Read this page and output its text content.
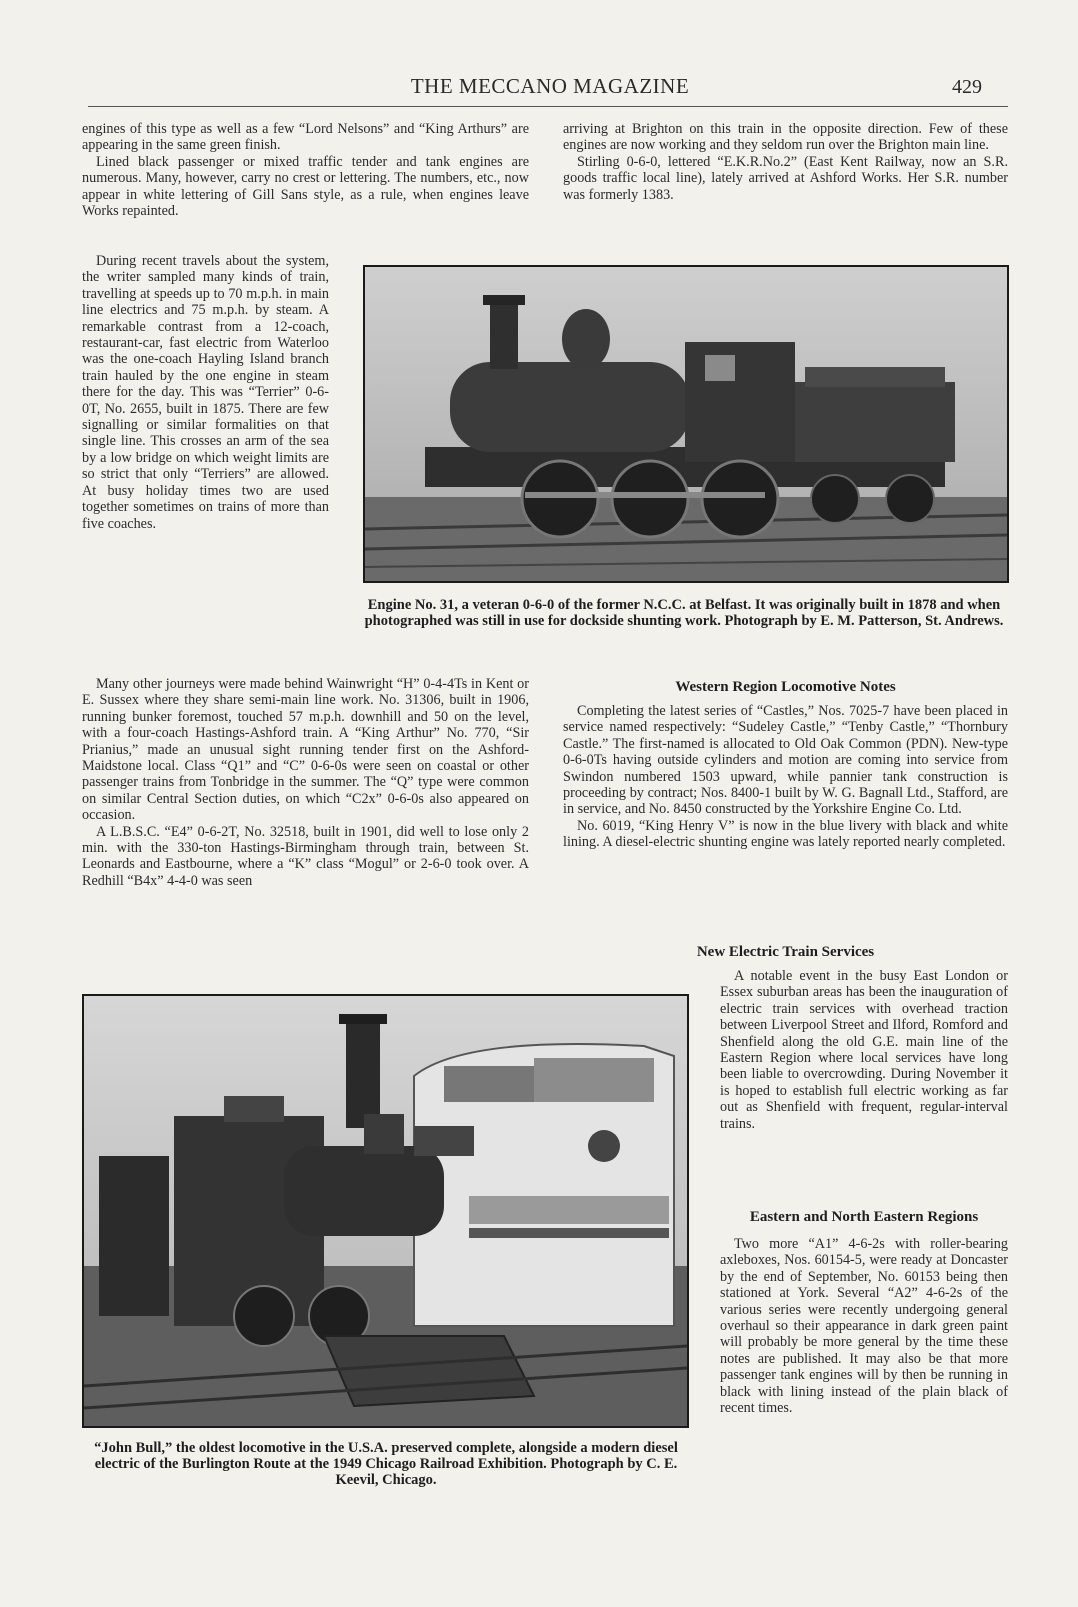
THE MECCANO MAGAZINE	429

engines of this type as well as a few “Lord Nelsons” and “King Arthurs” are appearing in the same green finish.

Lined black passenger or mixed traffic tender and tank engines are numerous. Many, however, carry no crest or lettering. The numbers, etc., now appear in white lettering of Gill Sans style, as a rule, when engines leave Works repainted.

During recent travels about the system, the writer sampled many kinds of train, travelling at speeds up to 70 m.p.h. in main line electrics and 75 m.p.h. by steam. A remarkable contrast from a 12-coach, restaurant-car, fast electric from Waterloo was the one-coach Hayling Island branch train hauled by the one engine in steam there for the day. This was “Terrier” 0-6-0T, No. 2655, built in 1875. There are few signalling or similar formalities on that single line. This crosses an arm of the sea by a low bridge on which weight limits are so strict that only “Terriers” are allowed. At busy holiday times two are used together sometimes on trains of more than five coaches.

Many other journeys were made behind Wainwright “H” 0-4-4Ts in Kent or E. Sussex where they share semi-main line work. No. 31306, built in 1906, running bunker foremost, touched 57 m.p.h. downhill and 50 on the level, with a four-coach Hastings-Ashford train. A “King Arthur” No. 770, “Sir Prianius,” made an unusual sight running tender first on the Ashford-Maidstone local. Class “Q1” and “C” 0-6-0s were seen on coastal or other passenger trains from Tonbridge in the summer. The “Q” type were common on similar Central Section duties, on which “C2x” 0-6-0s also appeared on occasion.

A L.B.S.C. “E4” 0-6-2T, No. 32518, built in 1901, did well to lose only 2 min. with the 330-ton Hastings-Birmingham through train, between St. Leonards and Eastbourne, where a “K” class “Mogul” or 2-6-0 took over. A Redhill “B4x” 4-4-0 was seen

arriving at Brighton on this train in the opposite direction. Few of these engines are now working and they seldom run over the Brighton main line.

Stirling 0-6-0, lettered “E.K.R.No.2” (East Kent Railway, now an S.R. goods traffic local line), lately arrived at Ashford Works. Her S.R. number was formerly 1383.

Engine No. 31, a veteran 0-6-0 of the former N.C.C. at Belfast. It was originally built in 1878 and when photographed was still in use for dockside shunting work. Photograph by E. M. Patterson, St. Andrews.
Western Region Locomotive Notes

Completing the latest series of “Castles,” Nos. 7025-7 have been placed in service named respectively: “Sudeley Castle,” “Tenby Castle,” “Thornbury Castle.” The first-named is allocated to Old Oak Common (PDN). New-type 0-6-0Ts having outside cylinders and motion are coming into service from Swindon numbered 1503 upward, while pannier tank construction is proceeding by contract; Nos. 8400-1 built by W. G. Bagnall Ltd., Stafford, are in service, and No. 8450 constructed by the Yorkshire Engine Co. Ltd.

No. 6019, “King Henry V” is now in the blue livery with black and white lining. A diesel-electric shunting engine was lately reported nearly completed.

New Electric Train Services

A notable event in the busy East London or Essex suburban areas has been the inauguration of electric train services with overhead traction between Liverpool Street and Ilford, Romford and Shenfield along the old G.E. main line of the Eastern Region where local services have long been liable to overcrowding. During November it is hoped to establish full electric working as far out as Shenfield with frequent, regular-interval trains.

Eastern and North Eastern Regions

Two more “A1” 4-6-2s with roller-bearing axleboxes, Nos. 60154-5, were ready at Doncaster by the end of September, No. 60153 being then stationed at York. Several “A2” 4-6-2s of the various series were recently undergoing general overhaul so their appearance in dark green paint will probably be more general by the time these notes are published. It may also be that more passenger tank engines will by then be running in black with lining instead of the plain black of recent times.

“John Bull,” the oldest locomotive in the U.S.A. preserved complete, alongside a modern diesel electric of the Burlington Route at the 1949 Chicago Railroad Exhibition. Photograph by C. E. Keevil, Chicago.
